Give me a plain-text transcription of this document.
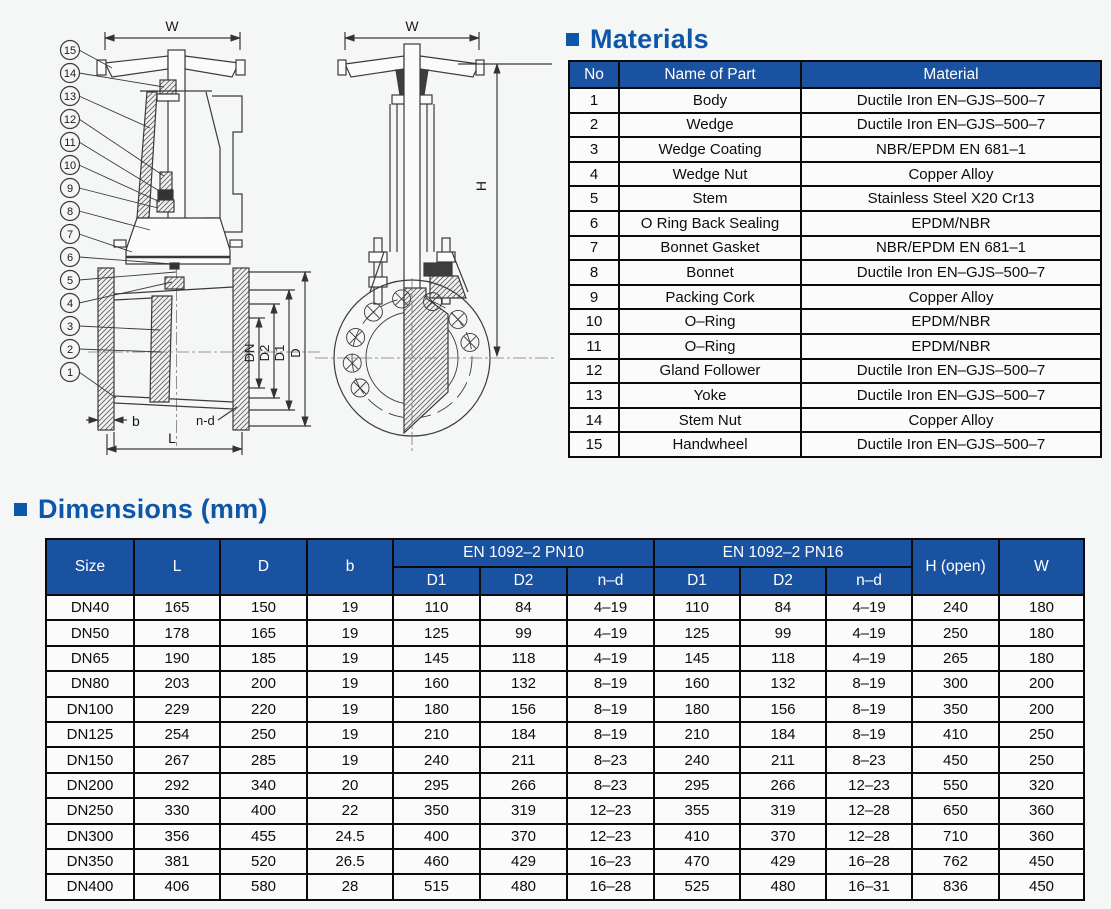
W
DN D2 D1 D
b
L
n-d
W
H
15
14
13
12
11
10
9
8
7
6
5
4
3
2
1
Materials
No	Name of Part	Material
1	Body	Ductile Iron EN–GJS–500–7
2	Wedge	Ductile Iron EN–GJS–500–7
3	Wedge Coating	NBR/EPDM EN 681–1
4	Wedge Nut	Copper Alloy
5	Stem	Stainless Steel X20 Cr13
6	O Ring Back Sealing	EPDM/NBR
7	Bonnet Gasket	NBR/EPDM EN 681–1
8	Bonnet	Ductile Iron EN–GJS–500–7
9	Packing Cork	Copper Alloy
10	O–Ring	EPDM/NBR
11	O–Ring	EPDM/NBR
12	Gland Follower	Ductile Iron EN–GJS–500–7
13	Yoke	Ductile Iron EN–GJS–500–7
14	Stem Nut	Copper Alloy
15	Handwheel	Ductile Iron EN–GJS–500–7
Dimensions (mm)
Size	L	D	b	EN 1092–2 PN10			EN 1092–2 PN16			H (open)	W
				D1	D2	n–d	D1	D2	n–d		
DN40	165	150	19	110	84	4–19	110	84	4–19	240	180
DN50	178	165	19	125	99	4–19	125	99	4–19	250	180
DN65	190	185	19	145	118	4–19	145	118	4–19	265	180
DN80	203	200	19	160	132	8–19	160	132	8–19	300	200
DN100	229	220	19	180	156	8–19	180	156	8–19	350	200
DN125	254	250	19	210	184	8–19	210	184	8–19	410	250
DN150	267	285	19	240	211	8–23	240	211	8–23	450	250
DN200	292	340	20	295	266	8–23	295	266	12–23	550	320
DN250	330	400	22	350	319	12–23	355	319	12–28	650	360
DN300	356	455	24.5	400	370	12–23	410	370	12–28	710	360
DN350	381	520	26.5	460	429	16–23	470	429	16–28	762	450
DN400	406	580	28	515	480	16–28	525	480	16–31	836	450
